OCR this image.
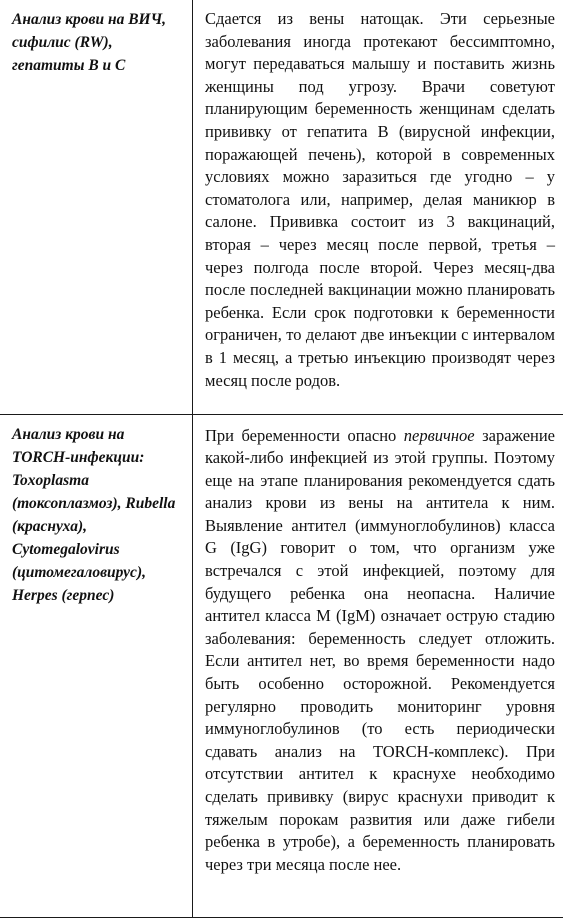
Анализ крови на ВИЧ, сифилис (RW), гепатиты B и C	Сдается из вены натощак. Эти серьезные заболевания иногда протекают бессимптомно, могут передаваться малышу и поставить жизнь женщины под угрозу. Врачи советуют планирующим беременность женщинам сделать прививку от гепатита B (вирусной инфекции, поражающей печень), которой в современных условиях можно заразиться где угодно – у стоматолога или, например, делая маникюр в салоне. Прививка состоит из 3 вакцинаций, вторая – через месяц после первой, третья – через полгода после второй. Через месяц-два после последней вакцинации можно планировать ребенка. Если срок подготовки к беременности ограничен, то делают две инъекции с интервалом в 1 месяц, а третью инъекцию производят через месяц после родов.

Анализ крови на TORCH-инфекции: Toxoplasma (токсоплазмоз), Rubella (краснуха), Cytomegalovirus (цитомегаловирус), Herpes (герпес)	При беременности опасно первичное заражение какой-либо инфекцией из этой группы. Поэтому еще на этапе планирования рекомендуется сдать анализ крови из вены на антитела к ним. Выявление антител (иммуноглобулинов) класса G (IgG) говорит о том, что организм уже встречался с этой инфекцией, поэтому для будущего ребенка она неопасна. Наличие антител класса M (IgM) означает острую стадию заболевания: беременность следует отложить. Если антител нет, во время беременности надо быть особенно осторожной. Рекомендуется регулярно проводить мониторинг уровня иммуноглобулинов (то есть периодически сдавать анализ на TORCH-комплекс). При отсутствии антител к краснухе необходимо сделать прививку (вирус краснухи приводит к тяжелым порокам развития или даже гибели ребенка в утробе), а беременность планировать через три месяца после нее.
